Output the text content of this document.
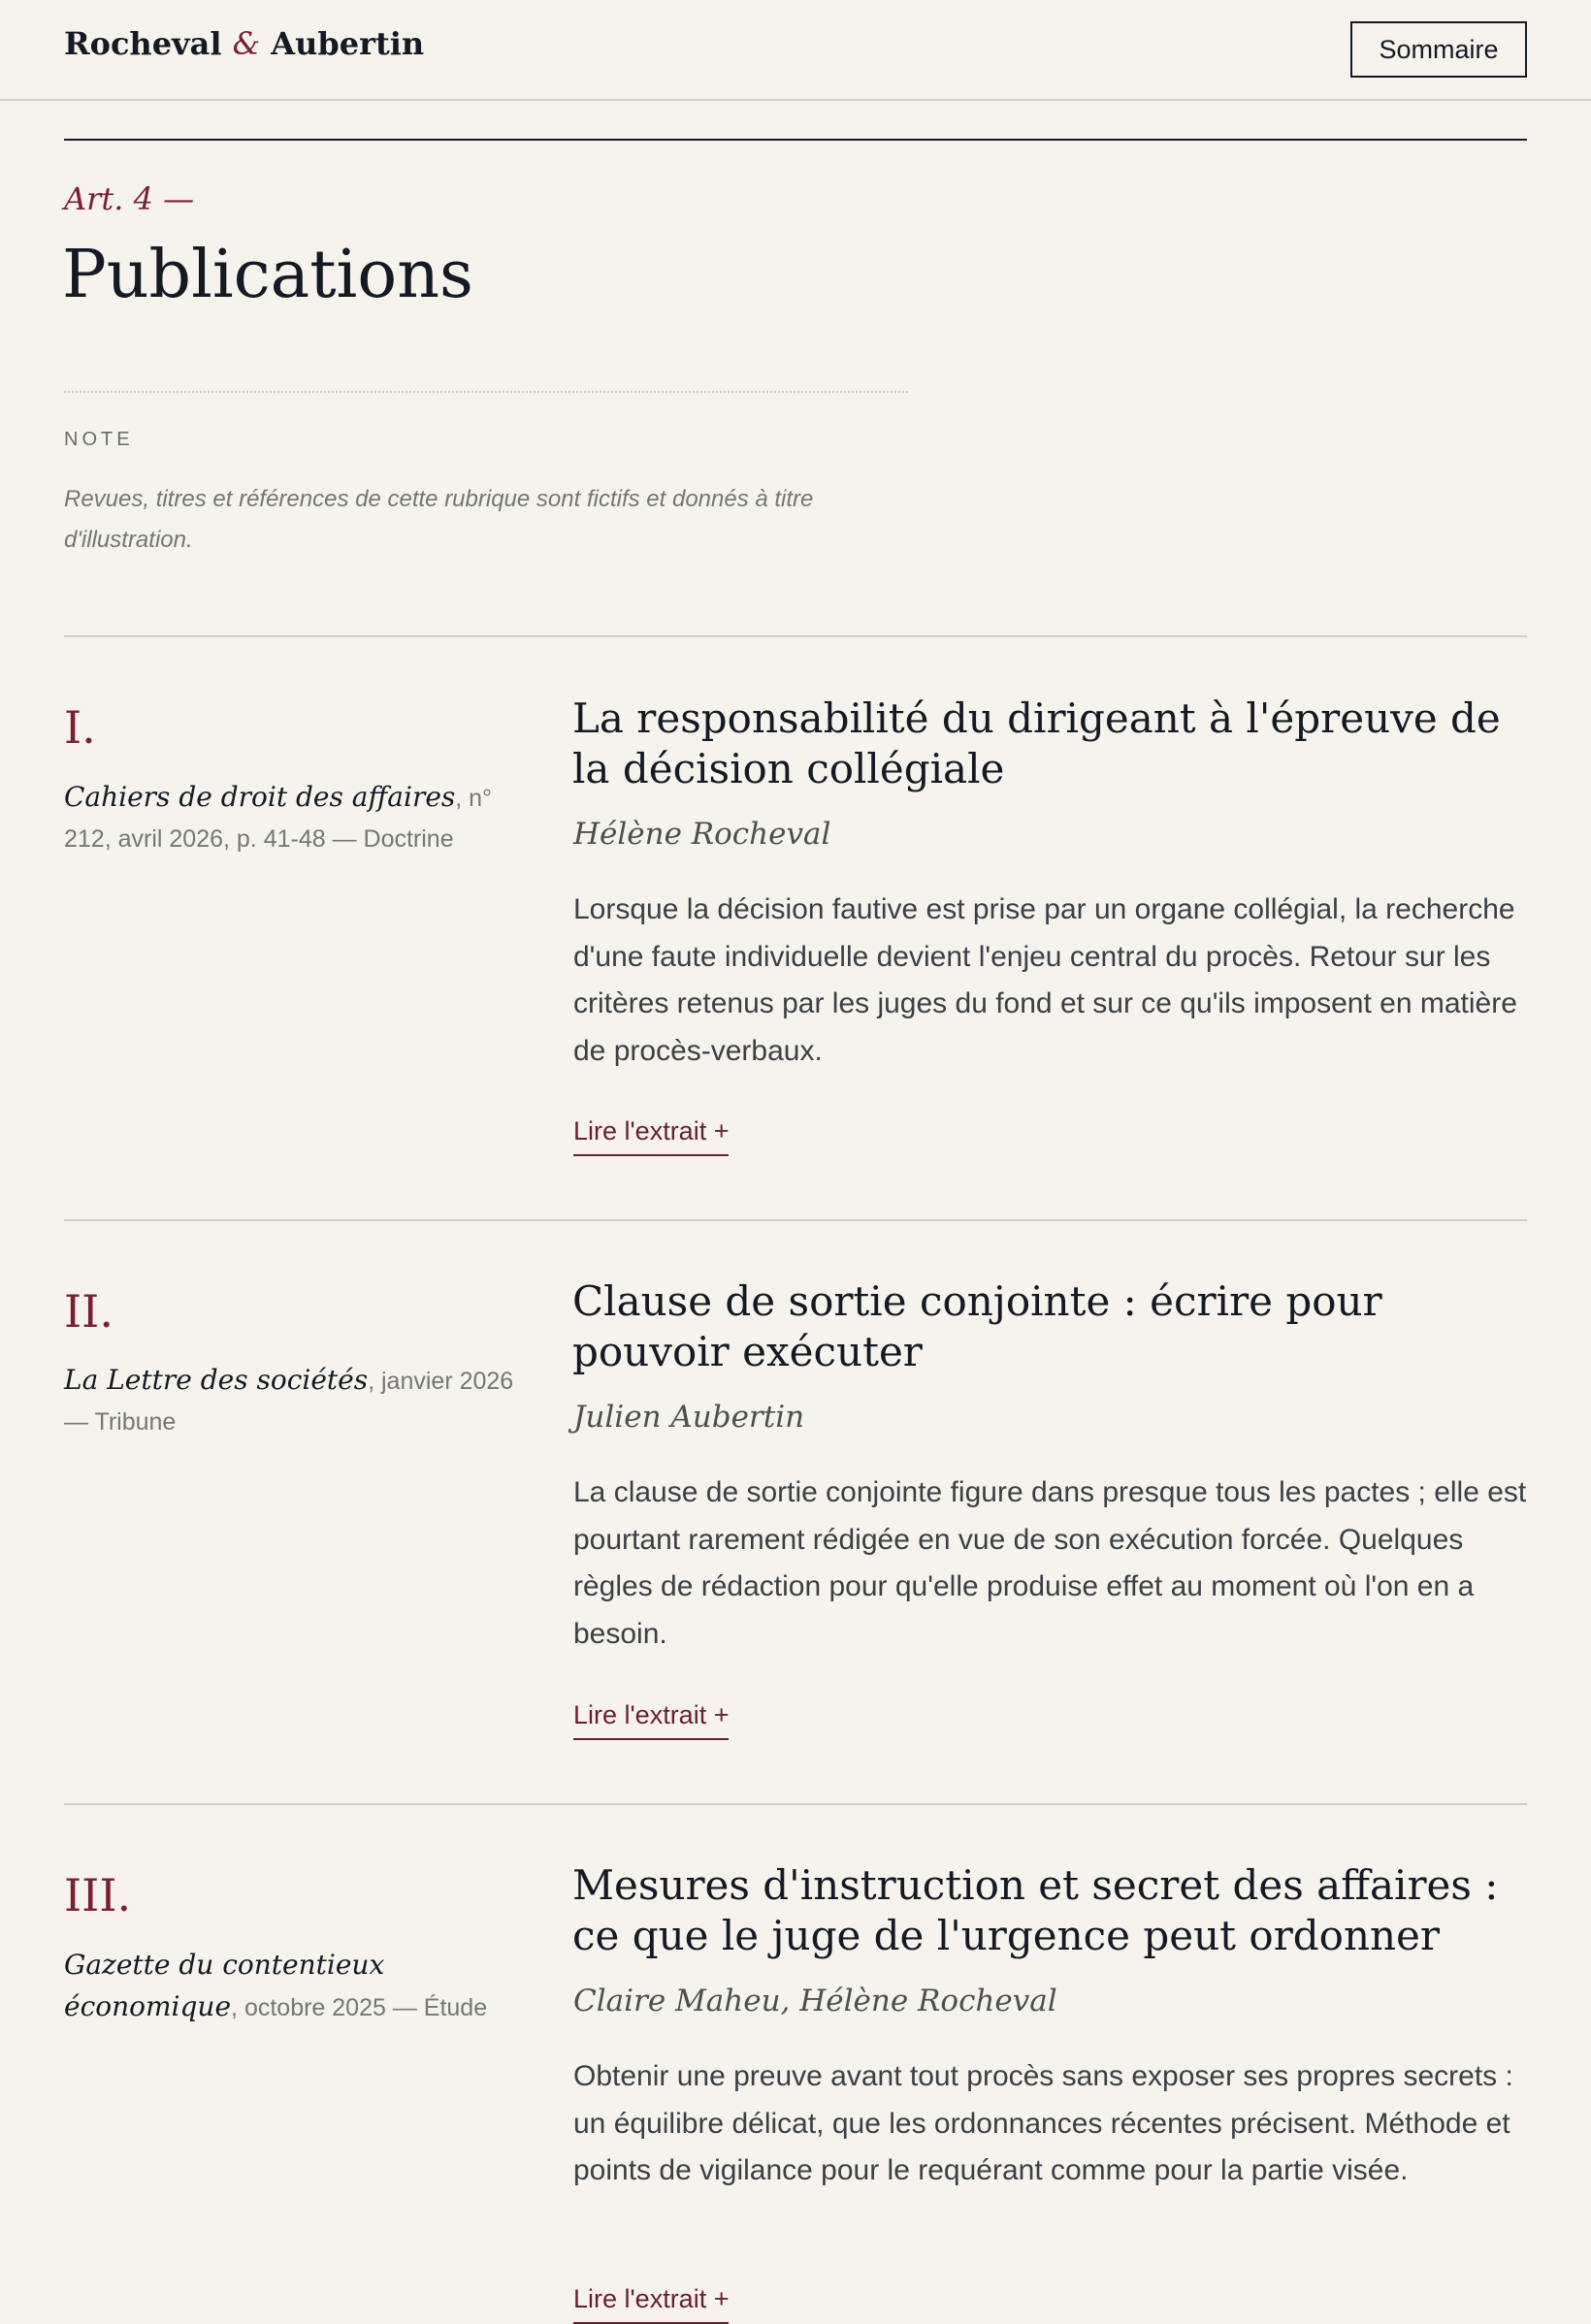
Rocheval & Aubertin	Sommaire
Art. 4 —
Publications
NOTE
Revues, titres et références de cette rubrique sont fictifs et donnés à titre d'illustration.
I.
Cahiers de droit des affaires, n° 212, avril 2026, p. 41-48 — Doctrine
La responsabilité du dirigeant à l'épreuve de la décision collégiale
Hélène Rocheval

Lorsque la décision fautive est prise par un organe collégial, la recherche d'une faute individuelle devient l'enjeu central du procès. Retour sur les critères retenus par les juges du fond et sur ce qu'ils imposent en matière de procès-verbaux.

Lire l'extrait +
II.
La Lettre des sociétés, janvier 2026 — Tribune
Clause de sortie conjointe : écrire pour pouvoir exécuter
Julien Aubertin

La clause de sortie conjointe figure dans presque tous les pactes ; elle est pourtant rarement rédigée en vue de son exécution forcée. Quelques règles de rédaction pour qu'elle produise effet au moment où l'on en a besoin.

Lire l'extrait +
III.
Gazette du contentieux économique, octobre 2025 — Étude
Mesures d'instruction et secret des affaires : ce que le juge de l'urgence peut ordonner
Claire Maheu, Hélène Rocheval

Obtenir une preuve avant tout procès sans exposer ses propres secrets : un équilibre délicat, que les ordonnances récentes précisent. Méthode et points de vigilance pour le requérant comme pour la partie visée.

Lire l'extrait +
